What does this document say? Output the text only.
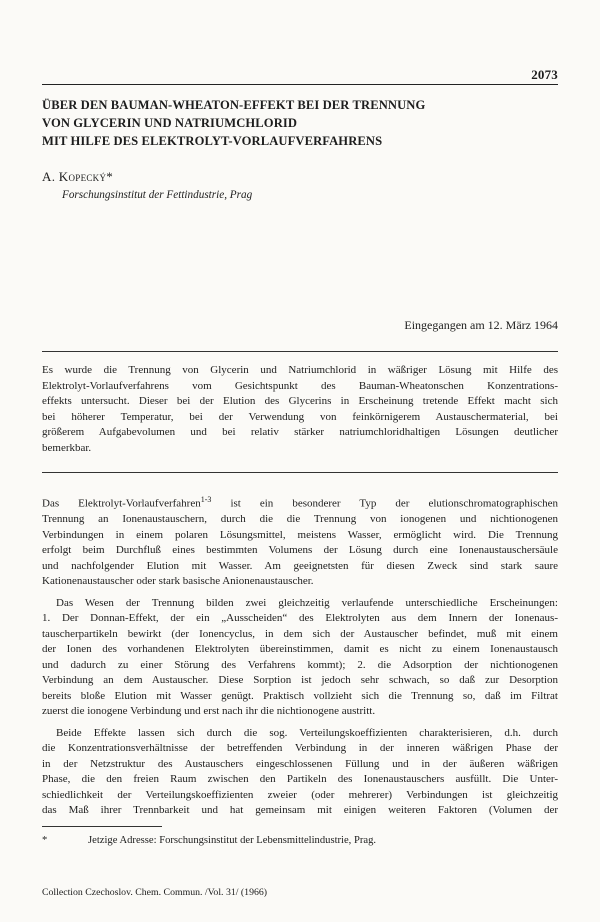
2073
ÜBER DEN BAUMAN-WHEATON-EFFEKT BEI DER TRENNUNG
VON GLYCERIN UND NATRIUMCHLORID
MIT HILFE DES ELEKTROLYT-VORLAUFVERFAHRENS
A. Kopecký*
Forschungsinstitut der Fettindustrie, Prag
Eingegangen am 12. März 1964
Es wurde die Trennung von Glycerin und Natriumchlorid in wäßriger Lösung mit Hilfe des
Elektrolyt-Vorlaufverfahrens vom Gesichtspunkt des Bauman-Wheatonschen Konzentrations-
effekts untersucht. Dieser bei der Elution des Glycerins in Erscheinung tretende Effekt macht sich
bei höherer Temperatur, bei der Verwendung von feinkörnigerem Austauschermaterial, bei
größerem Aufgabevolumen und bei relativ stärker natriumchloridhaltigen Lösungen deutlicher
bemerkbar.
Das Elektrolyt-Vorlaufverfahren$^{1-3}$ ist ein besonderer Typ der elutionschromatographischen
Trennung an Ionenaustauschern, durch die die Trennung von ionogenen und nichtionogenen
Verbindungen in einem polaren Lösungsmittel, meistens Wasser, ermöglicht wird. Die Trennung
erfolgt beim Durchfluß eines bestimmten Volumens der Lösung durch eine Ionenaustauschersäule
und nachfolgender Elution mit Wasser. Am geeignetsten für diesen Zweck sind stark saure
Kationenaustauscher oder stark basische Anionenaustauscher.
Das Wesen der Trennung bilden zwei gleichzeitig verlaufende unterschiedliche Erscheinungen:
1. Der Donnan-Effekt, der ein „Ausscheiden“ des Elektrolyten aus dem Innern der Ionenaus-
tauscherpartikeln bewirkt (der Ionencyclus, in dem sich der Austauscher befindet, muß mit einem
der Ionen des vorhandenen Elektrolyten übereinstimmen, damit es nicht zu einem Ionenaustausch
und dadurch zu einer Störung des Verfahrens kommt); 2. die Adsorption der nichtionogenen
Verbindung an dem Austauscher. Diese Sorption ist jedoch sehr schwach, so daß zur Desorption
bereits bloße Elution mit Wasser genügt. Praktisch vollzieht sich die Trennung so, daß im Filtrat
zuerst die ionogene Verbindung und erst nach ihr die nichtionogene austritt.
Beide Effekte lassen sich durch die sog. Verteilungskoeffizienten charakterisieren, d.h. durch
die Konzentrationsverhältnisse der betreffenden Verbindung in der inneren wäßrigen Phase der
in der Netzstruktur des Austauschers eingeschlossenen Füllung und in der äußeren wäßrigen
Phase, die den freien Raum zwischen den Partikeln des Ionenaustauschers ausfüllt. Die Unter-
schiedlichkeit der Verteilungskoeffizienten zweier (oder mehrerer) Verbindungen ist gleichzeitig
das Maß ihrer Trennbarkeit und hat gemeinsam mit einigen weiteren Faktoren (Volumen der
*	Jetzige Adresse: Forschungsinstitut der Lebensmittelindustrie, Prag.
Collection Czechoslov. Chem. Commun. /Vol. 31/ (1966)
